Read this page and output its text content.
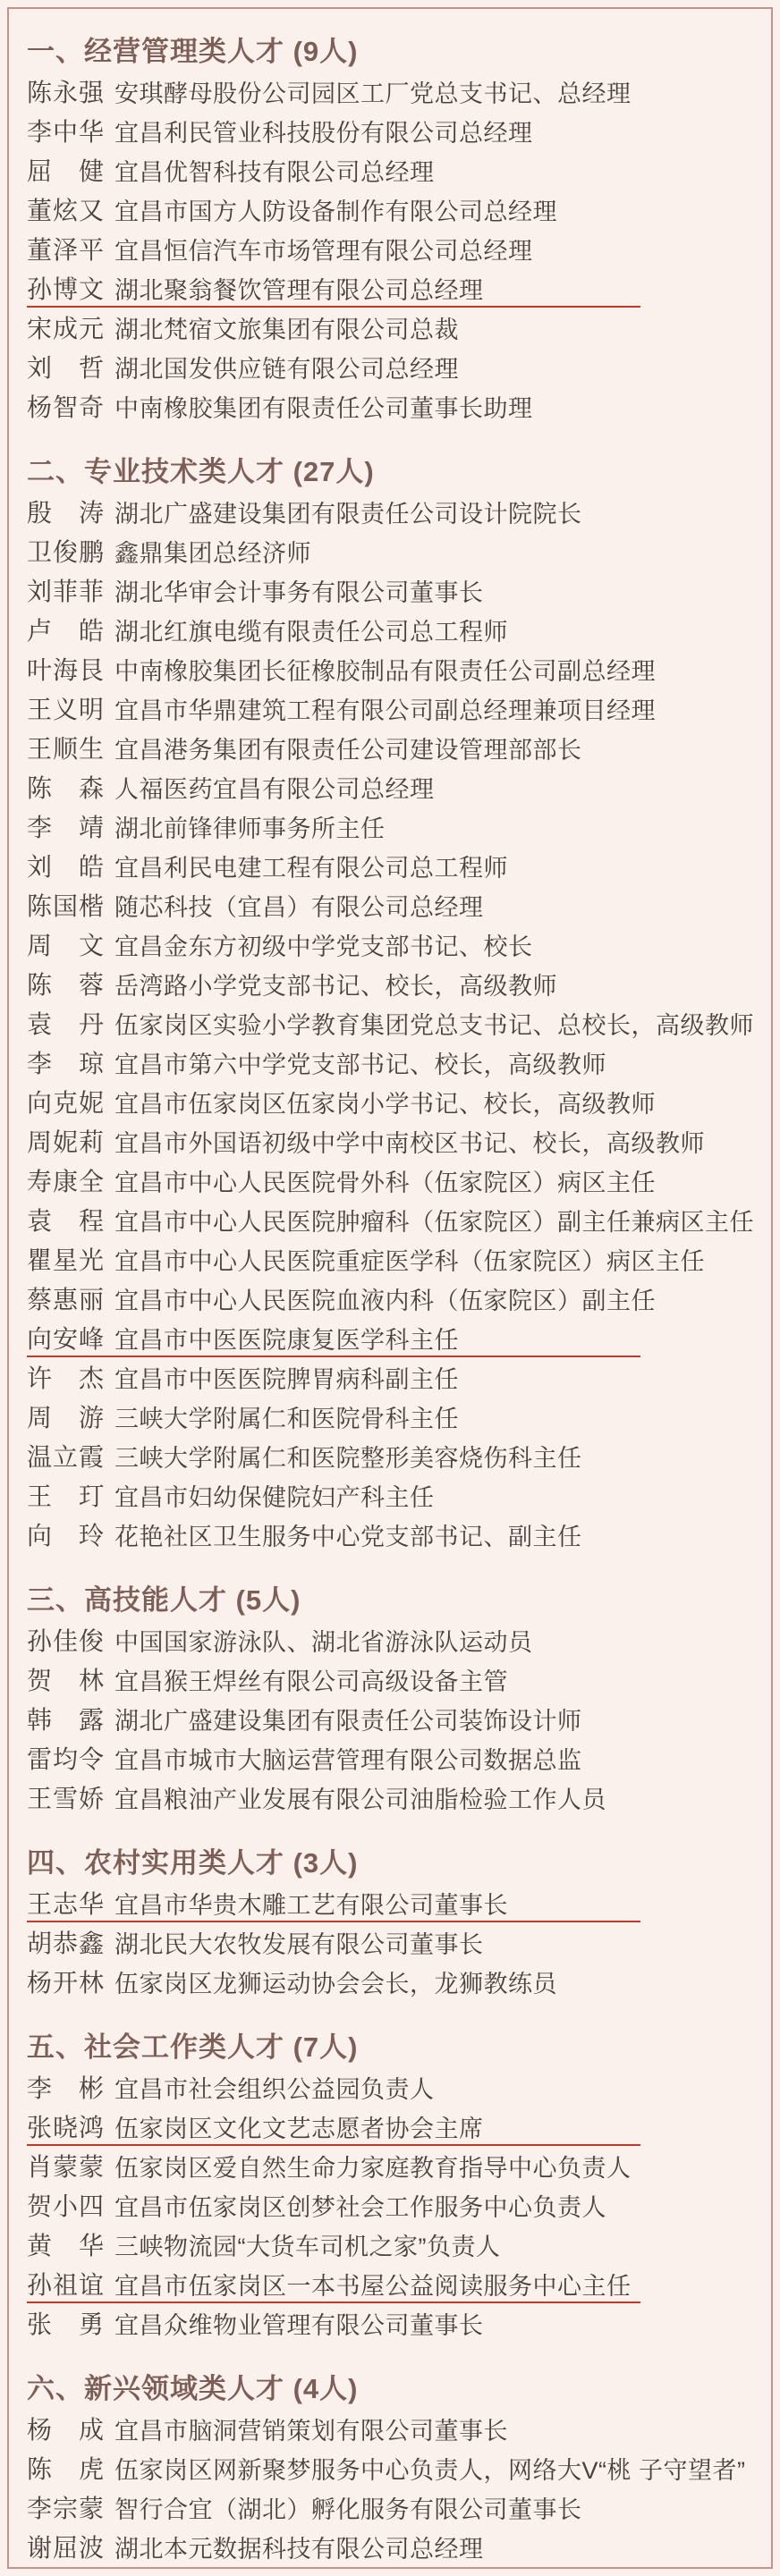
一、经营管理类人才 (9人)
陈永强 安琪酵母股份公司园区工厂党总支书记、总经理
李中华 宜昌利民管业科技股份有限公司总经理
屈 健 宜昌优智科技有限公司总经理
董炫又 宜昌市国方人防设备制作有限公司总经理
董泽平 宜昌恒信汽车市场管理有限公司总经理
孙博文 湖北聚翁餐饮管理有限公司总经理
宋成元 湖北梵宿文旅集团有限公司总裁
刘 哲 湖北国发供应链有限公司总经理
杨智奇 中南橡胶集团有限责任公司董事长助理
二、专业技术类人才 (27人)
殷 涛 湖北广盛建设集团有限责任公司设计院院长
卫俊鹏 鑫鼎集团总经济师
刘菲菲 湖北华审会计事务有限公司董事长
卢 皓 湖北红旗电缆有限责任公司总工程师
叶海艮 中南橡胶集团长征橡胶制品有限责任公司副总经理
王义明 宜昌市华鼎建筑工程有限公司副总经理兼项目经理
王顺生 宜昌港务集团有限责任公司建设管理部部长
陈 森 人福医药宜昌有限公司总经理
李 靖 湖北前锋律师事务所主任
刘 皓 宜昌利民电建工程有限公司总工程师
陈国楷 随芯科技（宜昌）有限公司总经理
周 文 宜昌金东方初级中学党支部书记、校长
陈 蓉 岳湾路小学党支部书记、校长，高级教师
袁 丹 伍家岗区实验小学教育集团党总支书记、总校长，高级教师
李 琼 宜昌市第六中学党支部书记、校长，高级教师
向克妮 宜昌市伍家岗区伍家岗小学书记、校长，高级教师
周妮莉 宜昌市外国语初级中学中南校区书记、校长，高级教师
寿康全 宜昌市中心人民医院骨外科（伍家院区）病区主任
袁 程 宜昌市中心人民医院肿瘤科（伍家院区）副主任兼病区主任
瞿星光 宜昌市中心人民医院重症医学科（伍家院区）病区主任
蔡惠丽 宜昌市中心人民医院血液内科（伍家院区）副主任
向安峰 宜昌市中医医院康复医学科主任
许 杰 宜昌市中医医院脾胃病科副主任
周 游 三峡大学附属仁和医院骨科主任
温立霞 三峡大学附属仁和医院整形美容烧伤科主任
王 玎 宜昌市妇幼保健院妇产科主任
向 玲 花艳社区卫生服务中心党支部书记、副主任
三、高技能人才 (5人)
孙佳俊 中国国家游泳队、湖北省游泳队运动员
贺 林 宜昌猴王焊丝有限公司高级设备主管
韩 露 湖北广盛建设集团有限责任公司装饰设计师
雷均令 宜昌市城市大脑运营管理有限公司数据总监
王雪娇 宜昌粮油产业发展有限公司油脂检验工作人员
四、农村实用类人才 (3人)
王志华 宜昌市华贵木雕工艺有限公司董事长
胡恭鑫 湖北民大农牧发展有限公司董事长
杨开林 伍家岗区龙狮运动协会会长，龙狮教练员
五、社会工作类人才 (7人)
李 彬 宜昌市社会组织公益园负责人
张晓鸿 伍家岗区文化文艺志愿者协会主席
肖蒙蒙 伍家岗区爱自然生命力家庭教育指导中心负责人
贺小四 宜昌市伍家岗区创梦社会工作服务中心负责人
黄 华 三峡物流园“大货车司机之家”负责人
孙祖谊 宜昌市伍家岗区一本书屋公益阅读服务中心主任
张 勇 宜昌众维物业管理有限公司董事长
六、新兴领域类人才 (4人)
杨 成 宜昌市脑洞营销策划有限公司董事长
陈 虎 伍家岗区网新聚梦服务中心负责人，网络大V“桃 子守望者”
李宗蒙 智行合宜（湖北）孵化服务有限公司董事长
谢屈波 湖北本元数据科技有限公司总经理
